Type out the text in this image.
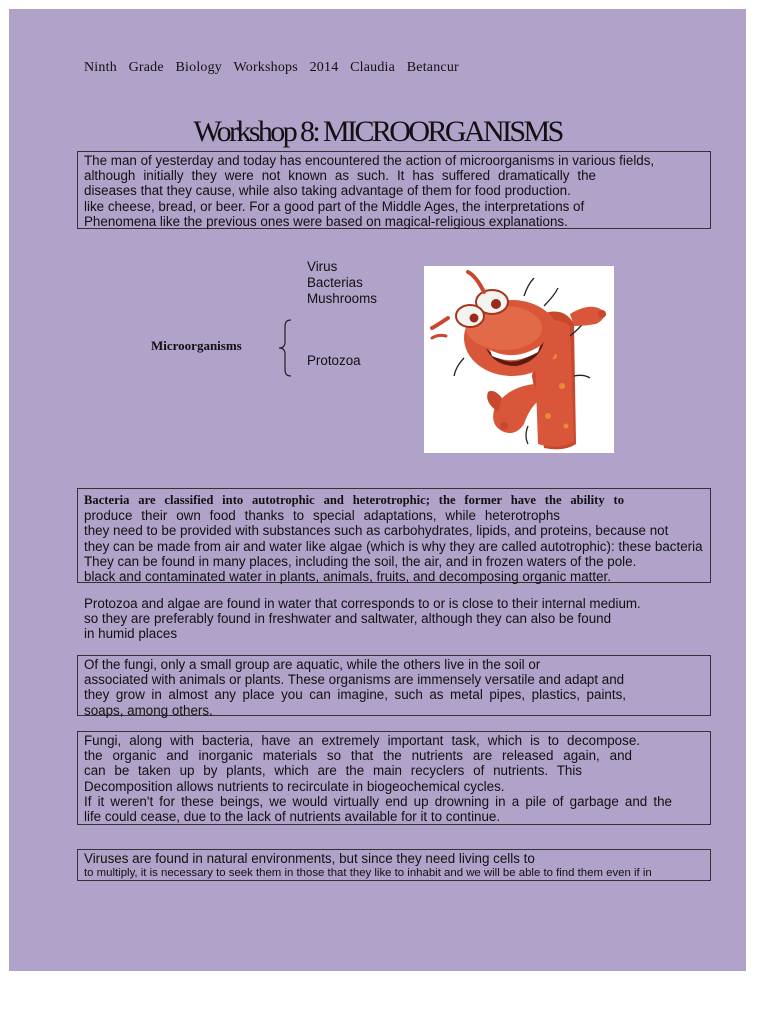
Ninth Grade Biology Workshops 2014 Claudia Betancur
Workshop 8: MICROORGANISMS
The man of yesterday and today has encountered the action of microorganisms in various fields,
although initially they were not known as such. It has suffered dramatically the
diseases that they cause, while also taking advantage of them for food production.
like cheese, bread, or beer. For a good part of the Middle Ages, the interpretations of
Phenomena like the previous ones were based on magical-religious explanations.
Microorganisms
Virus
Bacterias
Mushrooms
Protozoa
Bacteria are classified into autotrophic and heterotrophic; the former have the ability to
produce their own food thanks to special adaptations, while heterotrophs
they need to be provided with substances such as carbohydrates, lipids, and proteins, because not
they can be made from air and water like algae (which is why they are called autotrophic): these bacteria
They can be found in many places, including the soil, the air, and in frozen waters of the pole.
black and contaminated water in plants, animals, fruits, and decomposing organic matter.
Protozoa and algae are found in water that corresponds to or is close to their internal medium.
so they are preferably found in freshwater and saltwater, although they can also be found
in humid places
Of the fungi, only a small group are aquatic, while the others live in the soil or
associated with animals or plants. These organisms are immensely versatile and adapt and
they grow in almost any place you can imagine, such as metal pipes, plastics, paints,
soaps, among others.
Fungi, along with bacteria, have an extremely important task, which is to decompose.
the organic and inorganic materials so that the nutrients are released again, and
can be taken up by plants, which are the main recyclers of nutrients. This
Decomposition allows nutrients to recirculate in biogeochemical cycles.
If it weren't for these beings, we would virtually end up drowning in a pile of garbage and the
life could cease, due to the lack of nutrients available for it to continue.
Viruses are found in natural environments, but since they need living cells to
to multiply, it is necessary to seek them in those that they like to inhabit and we will be able to find them even if in
